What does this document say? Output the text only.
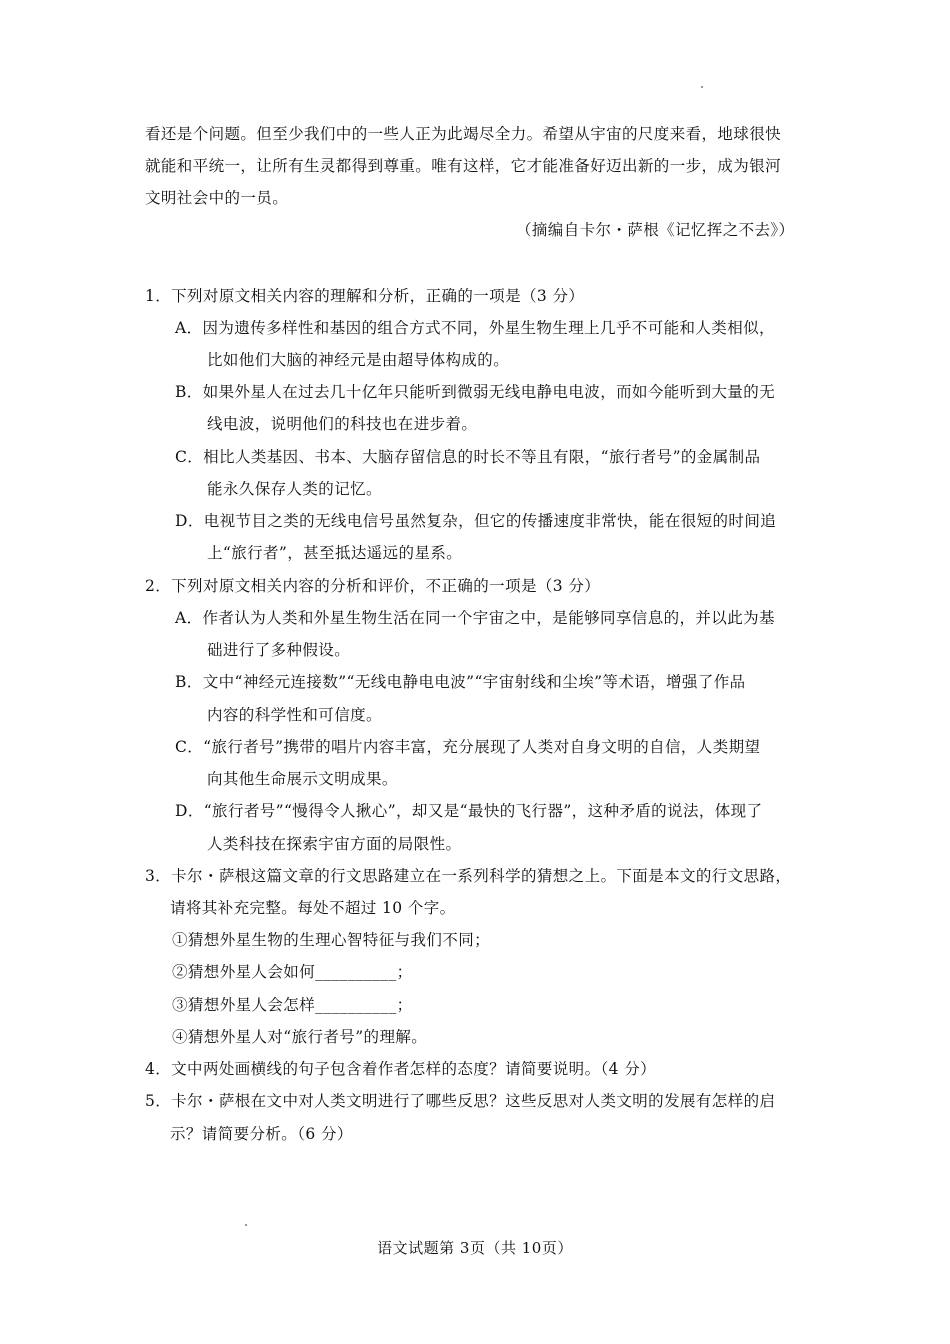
看还是个问题。但至少我们中的一些人正为此竭尽全力。希望从宇宙的尺度来看，地球很快
就能和平统一，让所有生灵都得到尊重。唯有这样，它才能准备好迈出新的一步，成为银河
文明社会中的一员。
（摘编自卡尔・萨根《记忆挥之不去》）
1．下列对原文相关内容的理解和分析，正确的一项是（3 分）
A．因为遗传多样性和基因的组合方式不同，外星生物生理上几乎不可能和人类相似，
比如他们大脑的神经元是由超导体构成的。
B．如果外星人在过去几十亿年只能听到微弱无线电静电电波，而如今能听到大量的无
线电波，说明他们的科技也在进步着。
C．相比人类基因、书本、大脑存留信息的时长不等且有限，“旅行者号”的金属制品
能永久保存人类的记忆。
D．电视节目之类的无线电信号虽然复杂，但它的传播速度非常快，能在很短的时间追
上“旅行者”，甚至抵达遥远的星系。
2．下列对原文相关内容的分析和评价，不正确的一项是（3 分）
A．作者认为人类和外星生物生活在同一个宇宙之中，是能够同享信息的，并以此为基
础进行了多种假设。
B．文中“神经元连接数”“无线电静电电波”“宇宙射线和尘埃”等术语，增强了作品
内容的科学性和可信度。
C．“旅行者号”携带的唱片内容丰富，充分展现了人类对自身文明的自信，人类期望
向其他生命展示文明成果。
D．“旅行者号”“慢得令人揪心”，却又是“最快的飞行器”，这种矛盾的说法，体现了
人类科技在探索宇宙方面的局限性。
3．卡尔・萨根这篇文章的行文思路建立在一系列科学的猜想之上。下面是本文的行文思路，
请将其补充完整。每处不超过 10 个字。
①猜想外星生物的生理心智特征与我们不同；
②猜想外星人会如何__________；
③猜想外星人会怎样__________；
④猜想外星人对“旅行者号”的理解。
4．文中两处画横线的句子包含着作者怎样的态度？请简要说明。（4 分）
5．卡尔・萨根在文中对人类文明进行了哪些反思？这些反思对人类文明的发展有怎样的启
示？请简要分析。（6 分）
语文试题第 3页（共 10页）
